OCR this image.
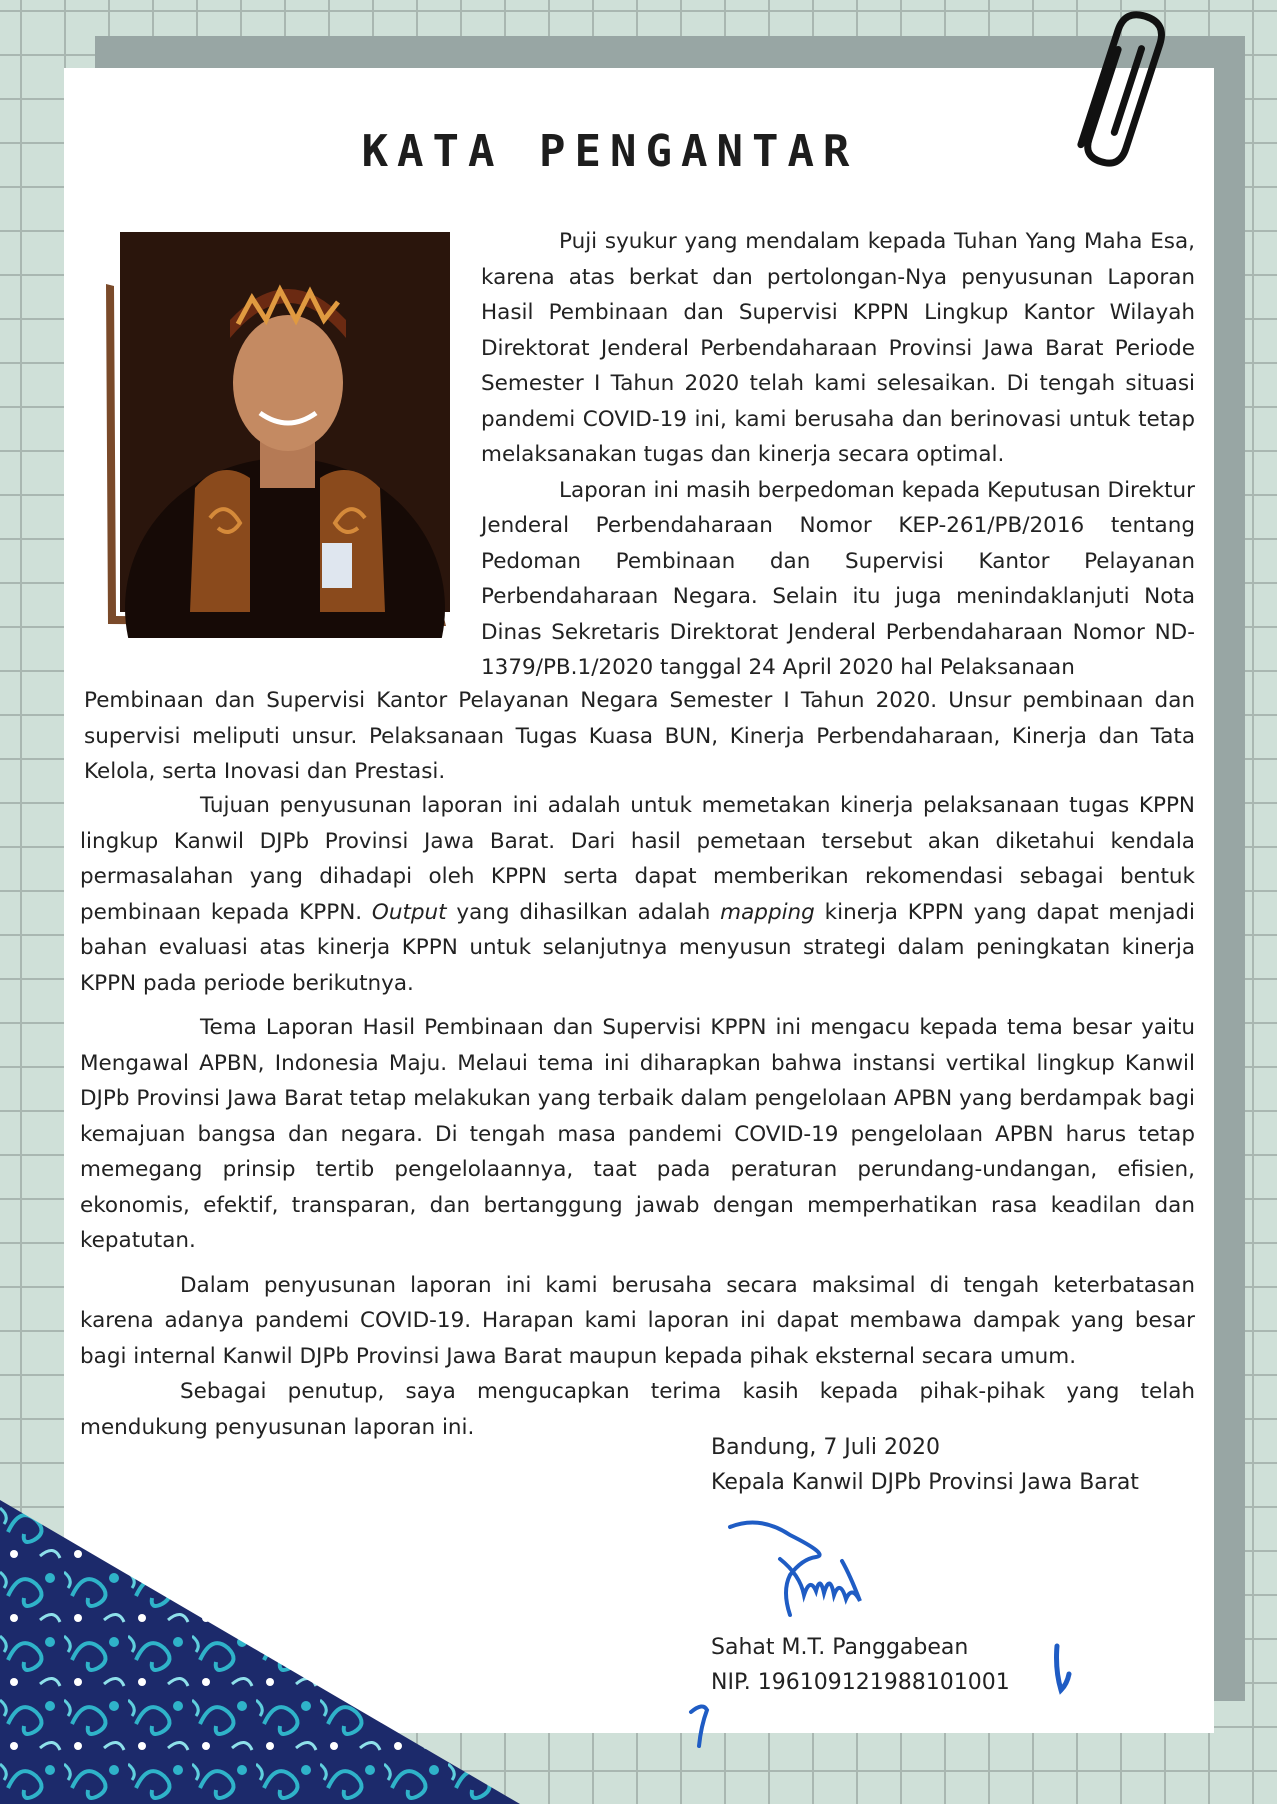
KATA PENGANTAR

Puji syukur yang mendalam kepada Tuhan Yang Maha Esa, karena atas berkat dan pertolongan-Nya penyusunan Laporan Hasil Pembinaan dan Supervisi KPPN Lingkup Kantor Wilayah Direktorat Jenderal Perbendaharaan Provinsi Jawa Barat Periode Semester I Tahun 2020 telah kami selesaikan. Di tengah situasi pandemi COVID-19 ini, kami berusaha dan berinovasi untuk tetap melaksanakan tugas dan kinerja secara optimal.

Laporan ini masih berpedoman kepada Keputusan Direktur Jenderal Perbendaharaan Nomor KEP-261/PB/2016 tentang Pedoman Pembinaan dan Supervisi Kantor Pelayanan Perbendaharaan Negara. Selain itu juga menindaklanjuti Nota Dinas Sekretaris Direktorat Jenderal Perbendaharaan Nomor ND-1379/PB.1/2020 tanggal 24 April 2020 hal Pelaksanaan

Pembinaan dan Supervisi Kantor Pelayanan Negara Semester I Tahun 2020. Unsur pembinaan dan supervisi meliputi unsur. Pelaksanaan Tugas Kuasa BUN, Kinerja Perbendaharaan, Kinerja dan Tata Kelola, serta Inovasi dan Prestasi.

Tujuan penyusunan laporan ini adalah untuk memetakan kinerja pelaksanaan tugas KPPN lingkup Kanwil DJPb Provinsi Jawa Barat. Dari hasil pemetaan tersebut akan diketahui kendala permasalahan yang dihadapi oleh KPPN serta dapat memberikan rekomendasi sebagai bentuk pembinaan kepada KPPN. Output yang dihasilkan adalah mapping kinerja KPPN yang dapat menjadi bahan evaluasi atas kinerja KPPN untuk selanjutnya menyusun strategi dalam peningkatan kinerja KPPN pada periode berikutnya.

Tema Laporan Hasil Pembinaan dan Supervisi KPPN ini mengacu kepada tema besar yaitu Mengawal APBN, Indonesia Maju. Melaui tema ini diharapkan bahwa instansi vertikal lingkup Kanwil DJPb Provinsi Jawa Barat tetap melakukan yang terbaik dalam pengelolaan APBN yang berdampak bagi kemajuan bangsa dan negara. Di tengah masa pandemi COVID-19 pengelolaan APBN harus tetap memegang prinsip tertib pengelolaannya, taat pada peraturan perundang-undangan, efisien, ekonomis, efektif, transparan, dan bertanggung jawab dengan memperhatikan rasa keadilan dan kepatutan.

Dalam penyusunan laporan ini kami berusaha secara maksimal di tengah keterbatasan karena adanya pandemi COVID-19. Harapan kami laporan ini dapat membawa dampak yang besar bagi internal Kanwil DJPb Provinsi Jawa Barat maupun kepada pihak eksternal secara umum.

Sebagai penutup, saya mengucapkan terima kasih kepada pihak-pihak yang telah mendukung penyusunan laporan ini.

Bandung, 7 Juli 2020
Kepala Kanwil DJPb Provinsi Jawa Barat
Sahat M.T. Panggabean
NIP. 196109121988101001
